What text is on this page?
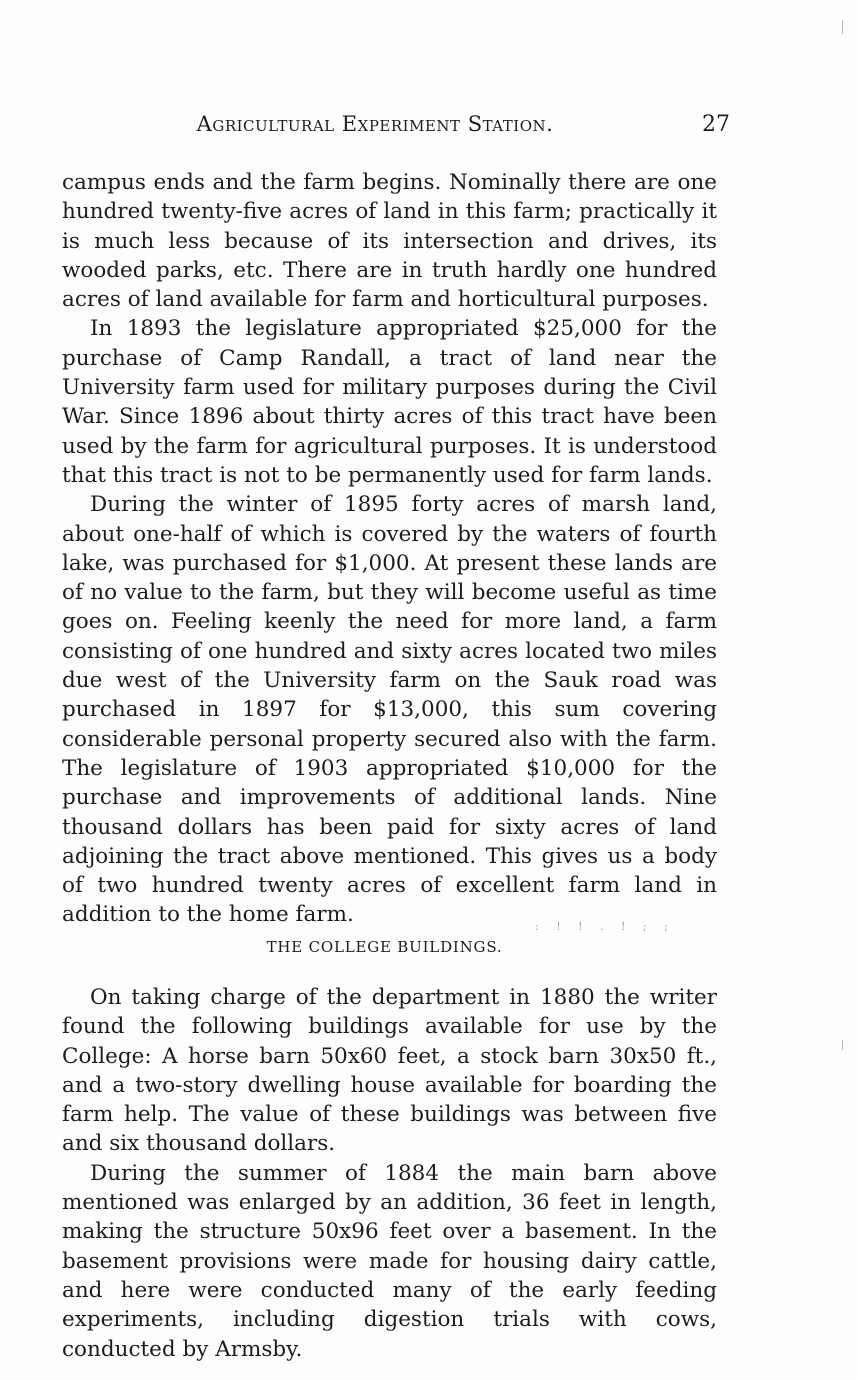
Agricultural Experiment Station.	27

campus ends and the farm begins. Nominally there are one hundred twenty-five acres of land in this farm; practically it is much less because of its intersection and drives, its wooded parks, etc. There are in truth hardly one hundred acres of land available for farm and horticultural purposes.

In 1893 the legislature appropriated $25,000 for the purchase of Camp Randall, a tract of land near the University farm used for military purposes during the Civil War. Since 1896 about thirty acres of this tract have been used by the farm for agricultural purposes. It is understood that this tract is not to be permanently used for farm lands.

During the winter of 1895 forty acres of marsh land, about one-half of which is covered by the waters of fourth lake, was purchased for $1,000. At present these lands are of no value to the farm, but they will become useful as time goes on. Feeling keenly the need for more land, a farm consisting of one hundred and sixty acres located two miles due west of the University farm on the Sauk road was purchased in 1897 for $13,000, this sum covering considerable personal property secured also with the farm. The legislature of 1903 appropriated $10,000 for the purchase and improvements of additional lands. Nine thousand dollars has been paid for sixty acres of land adjoining the tract above mentioned. This gives us a body of two hundred twenty acres of excellent farm land in addition to the home farm.	: ! ! . ! ; ;
THE COLLEGE BUILDINGS.

On taking charge of the department in 1880 the writer found the following buildings available for use by the College: A horse barn 50x60 feet, a stock barn 30x50 ft., and a two-story dwelling house available for boarding the farm help. The value of these buildings was between five and six thousand dollars.

During the summer of 1884 the main barn above mentioned was enlarged by an addition, 36 feet in length, making the structure 50x96 feet over a basement. In the basement provisions were made for housing dairy cattle, and here were conducted many of the early feeding experiments, including digestion trials with cows, conducted by Armsby.
